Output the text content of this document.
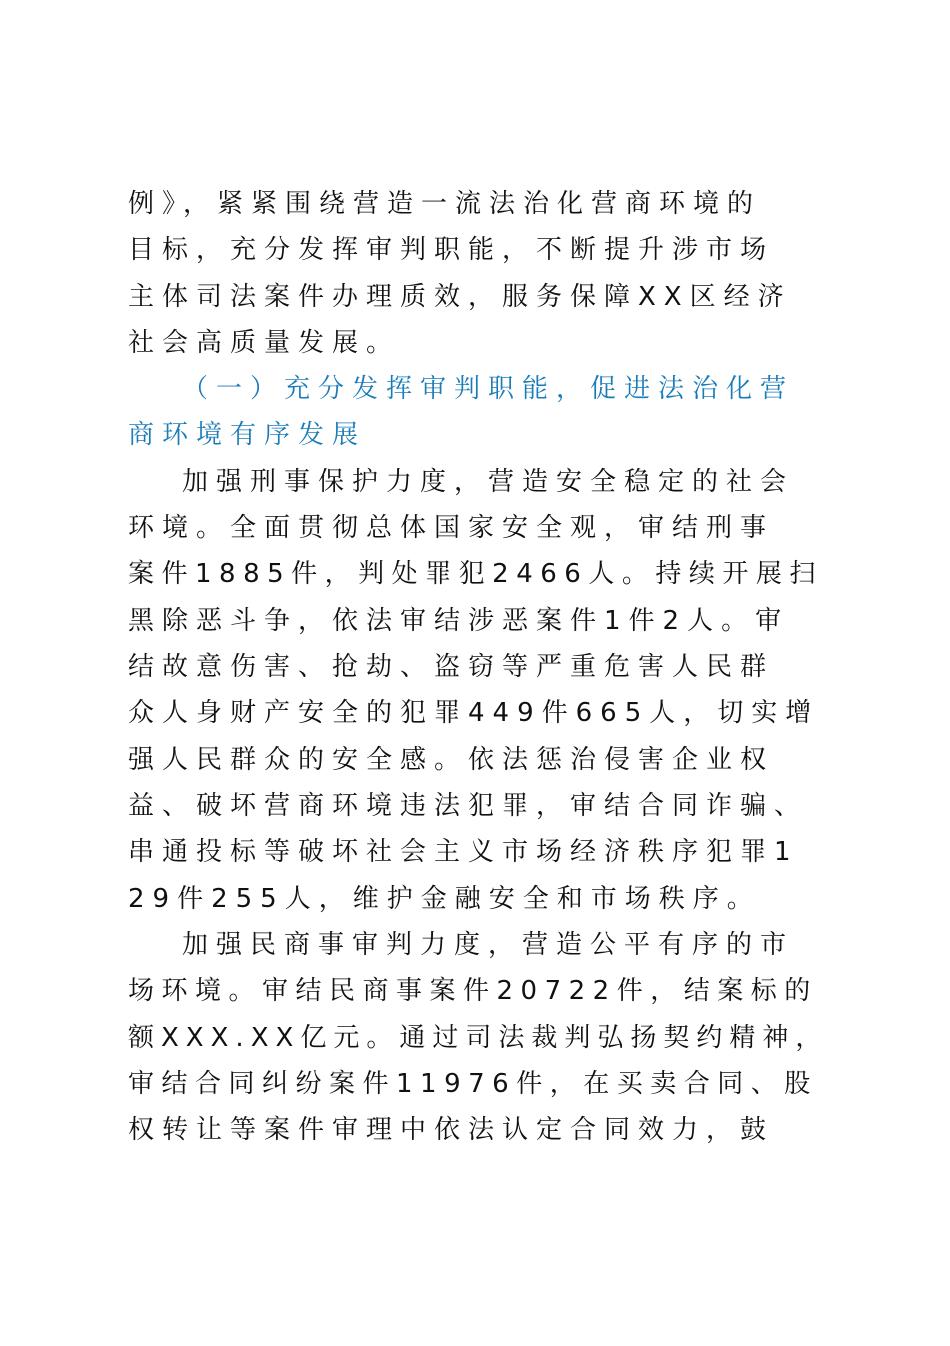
例》，紧紧围绕营造一流法治化营商环境的
目标，充分发挥审判职能，不断提升涉市场
主体司法案件办理质效，服务保障XX区经济
社会高质量发展。
（一）充分发挥审判职能，促进法治化营
商环境有序发展
加强刑事保护力度，营造安全稳定的社会
环境。全面贯彻总体国家安全观，审结刑事
案件1885件，判处罪犯2466人。持续开展扫
黑除恶斗争，依法审结涉恶案件1件2人。审
结故意伤害、抢劫、盗窃等严重危害人民群
众人身财产安全的犯罪449件665人，切实增
强人民群众的安全感。依法惩治侵害企业权
益、破坏营商环境违法犯罪，审结合同诈骗、
串通投标等破坏社会主义市场经济秩序犯罪1
29件255人，维护金融安全和市场秩序。
加强民商事审判力度，营造公平有序的市
场环境。审结民商事案件20722件，结案标的
额XXX.XX亿元。通过司法裁判弘扬契约精神，
审结合同纠纷案件11976件，在买卖合同、股
权转让等案件审理中依法认定合同效力，鼓
